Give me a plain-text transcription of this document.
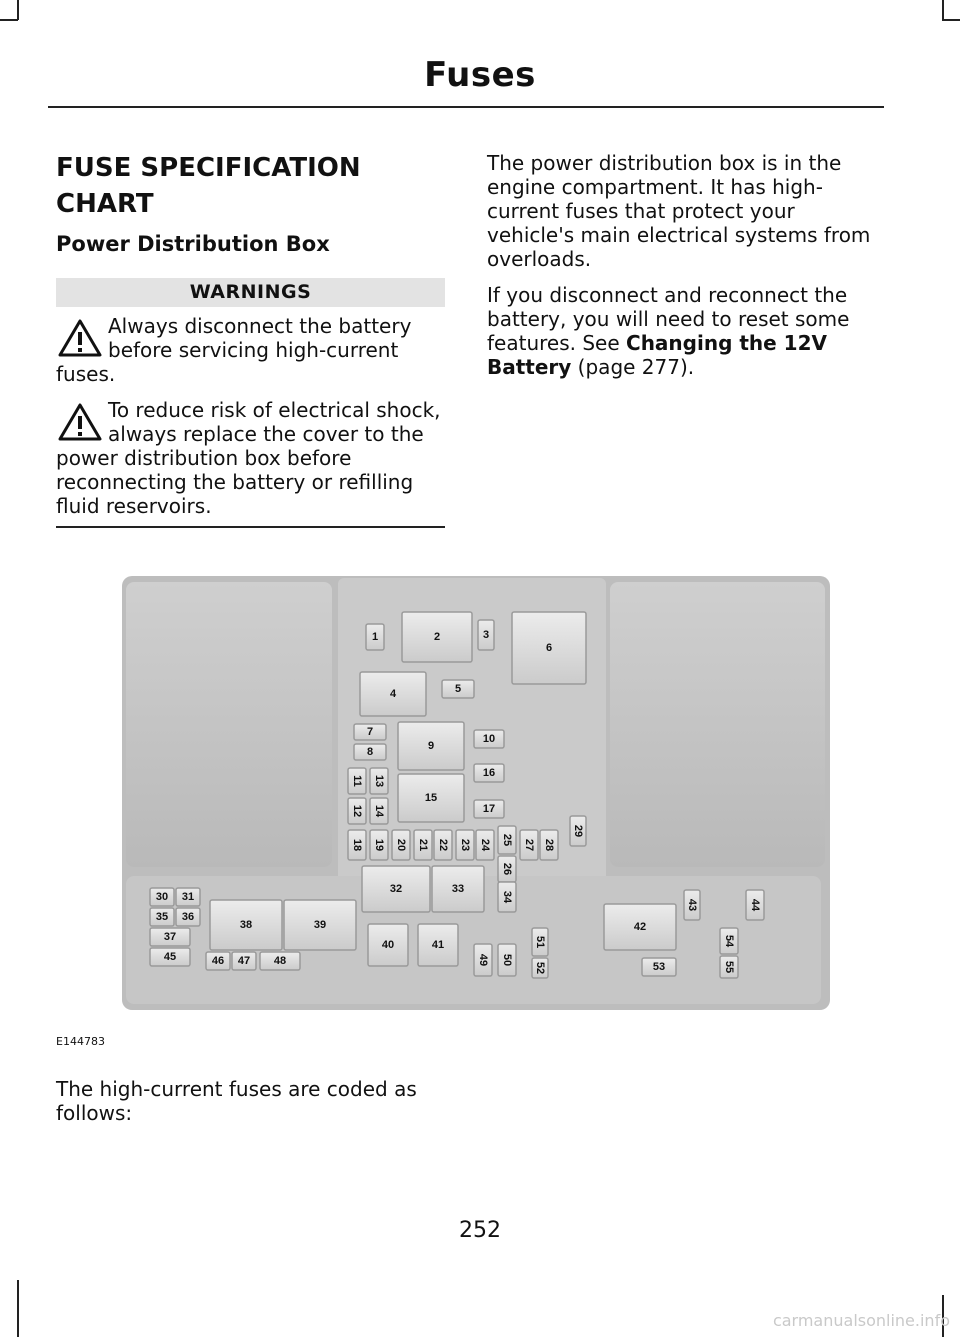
Fuses
FUSE SPECIFICATION CHART
Power Distribution Box
WARNINGS
Always disconnect the battery before servicing high-current fuses.
To reduce risk of electrical shock, always replace the cover to the power distribution box before reconnecting the battery or refilling fluid reservoirs.

The power distribution box is in the engine compartment. It has high-current fuses that protect your vehicle's main electrical systems from overloads.

If you disconnect and reconnect the battery, you will need to reset some features. See Changing the 12V Battery (page 277).

1	2	3
4	5
6
7
8	9
10
11
12
13
14
15
16
17
18 19 20 21 22 23 24 25
26
27 28
29
30 31
32	33
34
35 36
37
38	39
40	41
42
43	44
45	46 47 48	49 50
51
52	53
54
55
E144783
The high-current fuses are coded as follows:
252
carmanualsonline.info
